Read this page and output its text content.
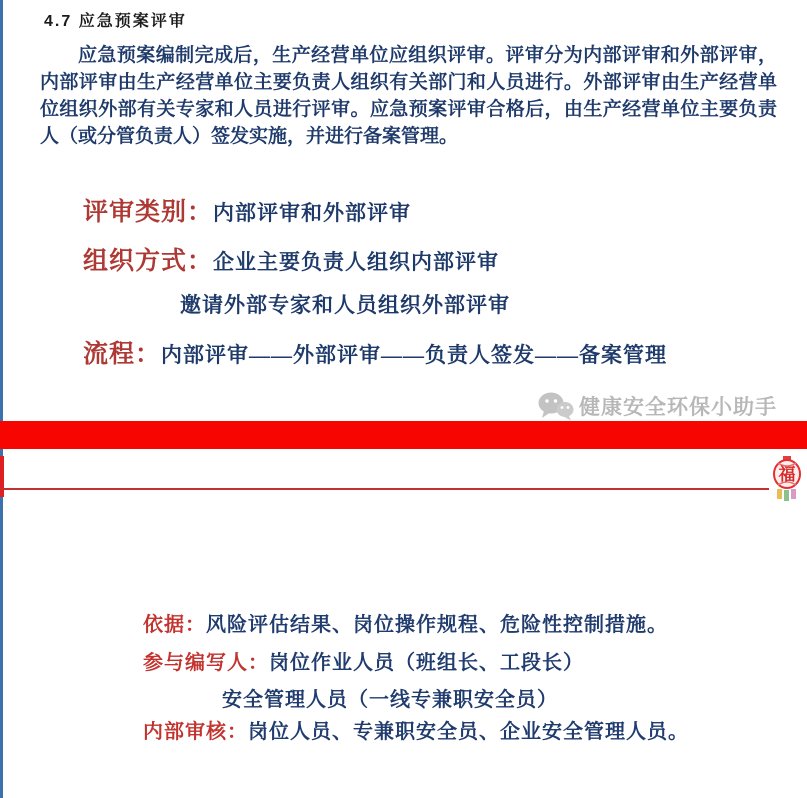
4.7 应急预案评审

应急预案编制完成后，生产经营单位应组织评审。评审分为内部评审和外部评审，内部评审由生产经营单位主要负责人组织有关部门和人员进行。外部评审由生产经营单位组织外部有关专家和人员进行评审。应急预案评审合格后，由生产经营单位主要负责人（或分管负责人）签发实施，并进行备案管理。

评审类别：内部评审和外部评审
组织方式：企业主要负责人组织内部评审
邀请外部专家和人员组织外部评审
流程：内部评审——外部评审——负责人签发——备案管理
健康安全环保小助手
福
依据：风险评估结果、岗位操作规程、危险性控制措施。
参与编写人：岗位作业人员（班组长、工段长）
安全管理人员（一线专兼职安全员）
内部审核：岗位人员、专兼职安全员、企业安全管理人员。
